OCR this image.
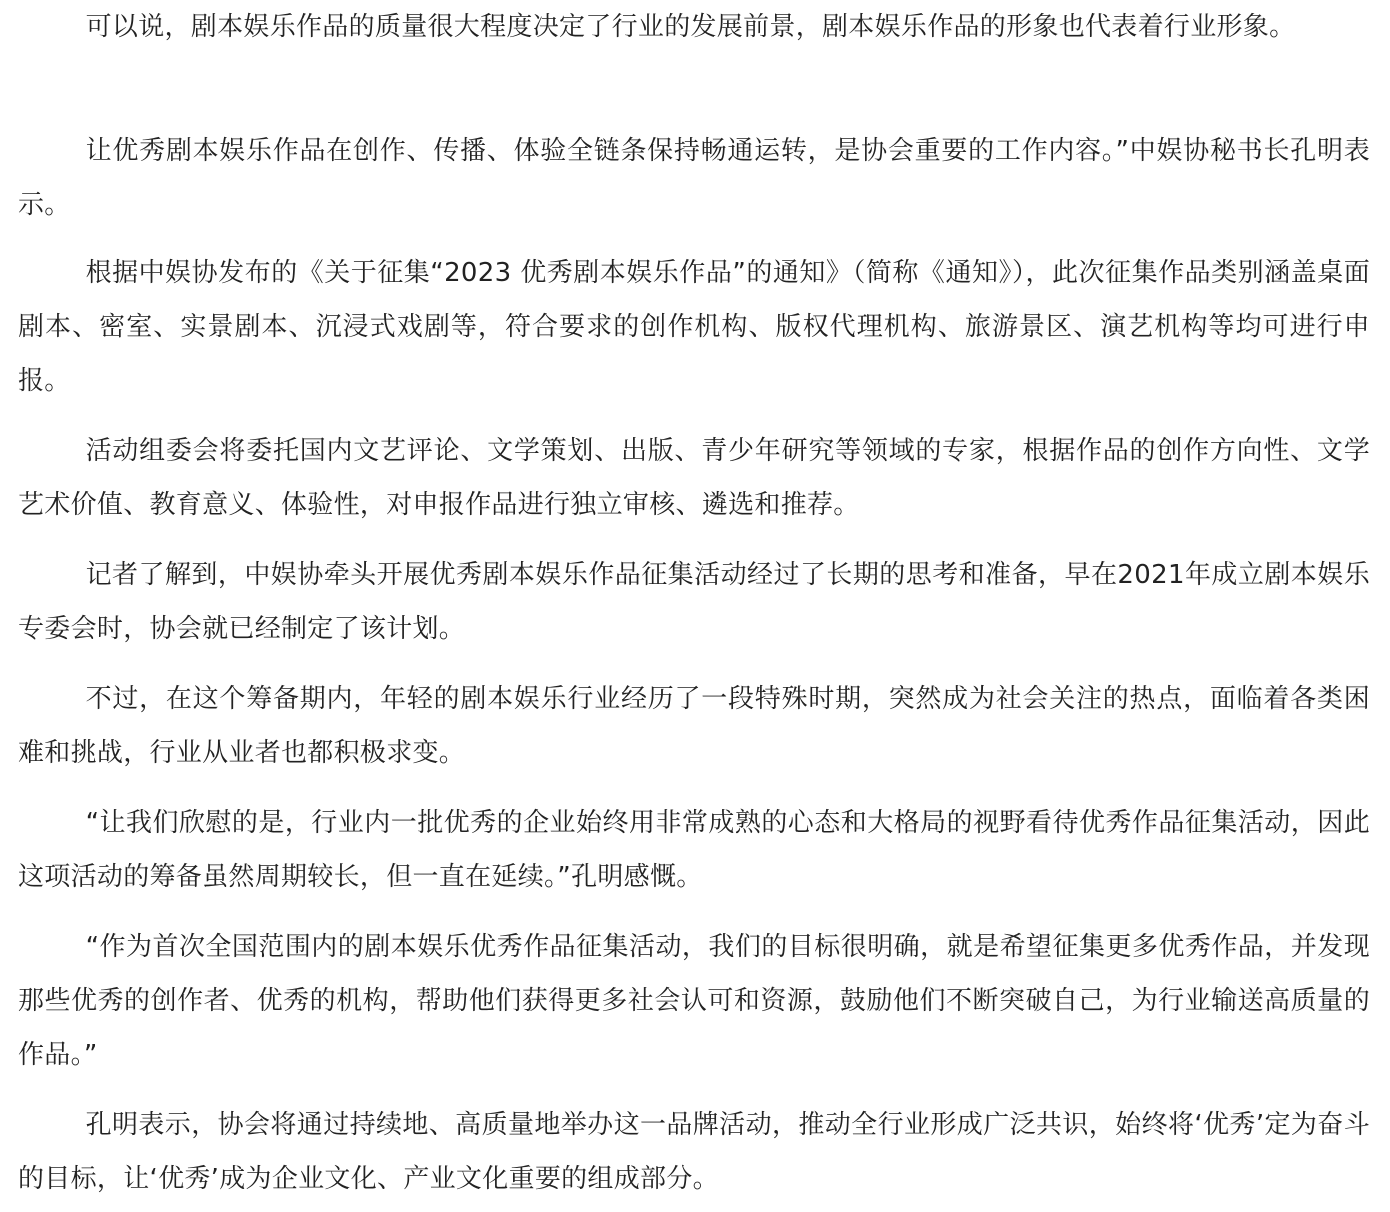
可以说，剧本娱乐作品的质量很大程度决定了行业的发展前景，剧本娱乐作品的形象也代表着行业形象。

让优秀剧本娱乐作品在创作、传播、体验全链条保持畅通运转，是协会重要的工作内容。”中娱协秘书长孔明表示。

根据中娱协发布的《关于征集“2023 优秀剧本娱乐作品”的通知》（简称《通知》），此次征集作品类别涵盖桌面剧本、密室、实景剧本、沉浸式戏剧等，符合要求的创作机构、版权代理机构、旅游景区、演艺机构等均可进行申报。

活动组委会将委托国内文艺评论、文学策划、出版、青少年研究等领域的专家，根据作品的创作方向性、文学艺术价值、教育意义、体验性，对申报作品进行独立审核、遴选和推荐。

记者了解到，中娱协牵头开展优秀剧本娱乐作品征集活动经过了长期的思考和准备，早在2021年成立剧本娱乐专委会时，协会就已经制定了该计划。

不过，在这个筹备期内，年轻的剧本娱乐行业经历了一段特殊时期，突然成为社会关注的热点，面临着各类困难和挑战，行业从业者也都积极求变。

“让我们欣慰的是，行业内一批优秀的企业始终用非常成熟的心态和大格局的视野看待优秀作品征集活动，因此这项活动的筹备虽然周期较长，但一直在延续。”孔明感慨。

“作为首次全国范围内的剧本娱乐优秀作品征集活动，我们的目标很明确，就是希望征集更多优秀作品，并发现那些优秀的创作者、优秀的机构，帮助他们获得更多社会认可和资源，鼓励他们不断突破自己，为行业输送高质量的作品。”

孔明表示，协会将通过持续地、高质量地举办这一品牌活动，推动全行业形成广泛共识，始终将‘优秀’定为奋斗的目标，让‘优秀’成为企业文化、产业文化重要的组成部分。
